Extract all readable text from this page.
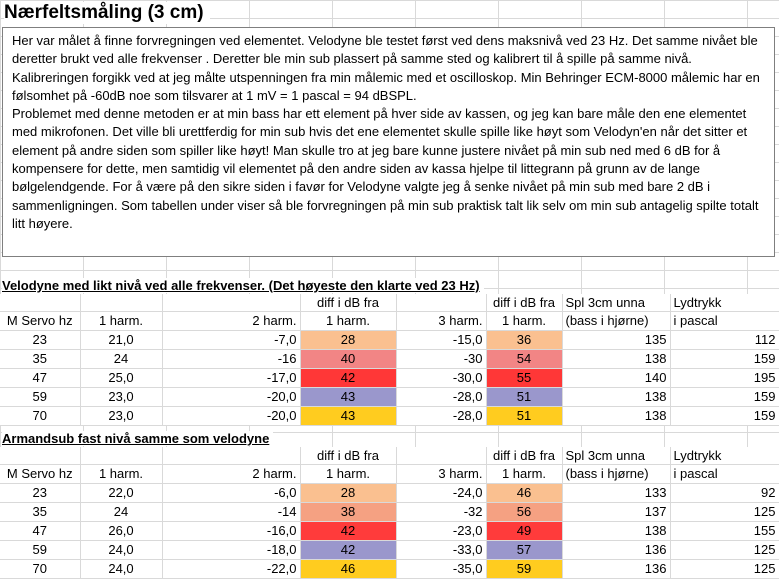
Nærfeltsmåling (3 cm)

Her var målet å finne forvregningen ved elementet. Velodyne ble testet først ved dens maksnivå ved 23 Hz. Det samme nivået ble deretter brukt ved alle frekvenser . Deretter ble min sub plassert på samme sted og kalibrert til å spille på samme nivå. Kalibreringen forgikk ved at jeg målte utspenningen fra min målemic med et oscilloskop. Min Behringer ECM-8000 målemic har en følsomhet på -60dB noe som tilsvarer at 1 mV = 1 pascal = 94 dBSPL.

Problemet med denne metoden er at min bass har ett element på hver side av kassen, og jeg kan bare måle den ene elementet med mikrofonen. Det ville bli urettferdig for min sub hvis det ene elementet skulle spille like høyt som Velodyn'en når det sitter et element på andre siden som spiller like høyt! Man skulle tro at jeg bare kunne justere nivået på min sub ned med 6 dB for å kompensere for dette, men samtidig vil elementet på den andre siden av kassa hjelpe til littegrann på grunn av de lange bølgelendgende. For å være på den sikre siden i favør for Velodyne valgte jeg å senke nivået på min sub med bare 2 dB i sammenligningen. Som tabellen under viser så ble forvregningen på min sub praktisk talt lik selv om min sub antagelig spilte totalt litt høyere.

Velodyne med likt nivå ved alle frekvenser. (Det høyeste den klarte ved 23 Hz)
			diff i dB fra		diff i dB fra	Spl 3cm unna	Lydtrykk
M Servo hz	1 harm.	2 harm.	1 harm.	3 harm.	1 harm.	(bass i hjørne)	i pascal
23	21,0	-7,0	28	-15,0	36	135	112
35	24	-16	40	-30	54	138	159
47	25,0	-17,0	42	-30,0	55	140	195
59	23,0	-20,0	43	-28,0	51	138	159
70	23,0	-20,0	43	-28,0	51	138	159
Armandsub fast nivå samme som velodyne
			diff i dB fra		diff i dB fra	Spl 3cm unna	Lydtrykk
M Servo hz	1 harm.	2 harm.	1 harm.	3 harm.	1 harm.	(bass i hjørne)	i pascal
23	22,0	-6,0	28	-24,0	46	133	92
35	24	-14	38	-32	56	137	125
47	26,0	-16,0	42	-23,0	49	138	155
59	24,0	-18,0	42	-33,0	57	136	125
70	24,0	-22,0	46	-35,0	59	136	125
